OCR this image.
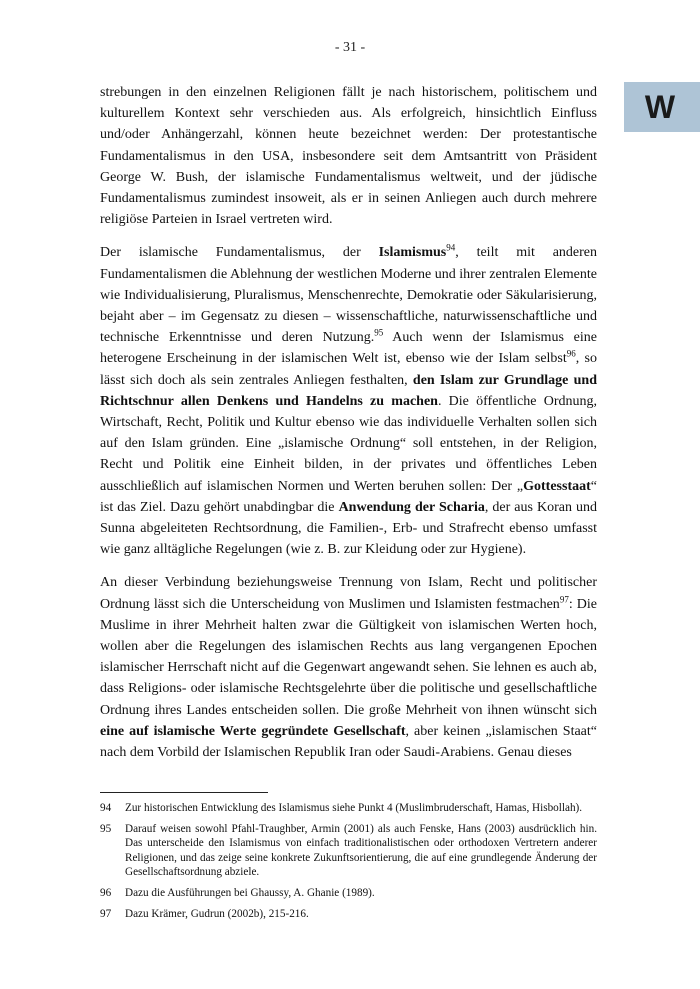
- 31 -
W

strebungen in den einzelnen Religionen fällt je nach historischem, politischem und kulturellem Kontext sehr verschieden aus. Als erfolgreich, hinsichtlich Einfluss und/oder Anhängerzahl, können heute bezeichnet werden: Der protestantische Fundamentalismus in den USA, insbesondere seit dem Amtsantritt von Präsident George W. Bush, der islamische Fundamentalismus weltweit, und der jüdische Fundamentalismus zumindest insoweit, als er in seinen Anliegen auch durch mehrere religiöse Parteien in Israel vertreten wird.

Der islamische Fundamentalismus, der Islamismus$^{94}$, teilt mit anderen Fundamentalismen die Ablehnung der westlichen Moderne und ihrer zentralen Elemente wie Individualisierung, Pluralismus, Menschenrechte, Demokratie oder Säkularisierung, bejaht aber – im Gegensatz zu diesen – wissenschaftliche, naturwissenschaftliche und technische Erkenntnisse und deren Nutzung.$^{95}$ Auch wenn der Islamismus eine heterogene Erscheinung in der islamischen Welt ist, ebenso wie der Islam selbst$^{96}$, so lässt sich doch als sein zentrales Anliegen festhalten, den Islam zur Grundlage und Richtschnur allen Denkens und Handelns zu machen. Die öffentliche Ordnung, Wirtschaft, Recht, Politik und Kultur ebenso wie das individuelle Verhalten sollen sich auf den Islam gründen. Eine „islamische Ordnung“ soll entstehen, in der Religion, Recht und Politik eine Einheit bilden, in der privates und öffentliches Leben ausschließlich auf islamischen Normen und Werten beruhen sollen: Der „Gottesstaat“ ist das Ziel. Dazu gehört unabdingbar die Anwendung der Scharia, der aus Koran und Sunna abgeleiteten Rechtsordnung, die Familien-, Erb- und Strafrecht ebenso umfasst wie ganz alltägliche Regelungen (wie z. B. zur Kleidung oder zur Hygiene).

An dieser Verbindung beziehungsweise Trennung von Islam, Recht und politischer Ordnung lässt sich die Unterscheidung von Muslimen und Islamisten festmachen$^{97}$: Die Muslime in ihrer Mehrheit halten zwar die Gültigkeit von islamischen Werten hoch, wollen aber die Regelungen des islamischen Rechts aus lang vergangenen Epochen islamischer Herrschaft nicht auf die Gegenwart angewandt sehen. Sie lehnen es auch ab, dass Religions- oder islamische Rechtsgelehrte über die politische und gesellschaftliche Ordnung ihres Landes entscheiden sollen. Die große Mehrheit von ihnen wünscht sich eine auf islamische Werte gegründete Gesellschaft, aber keinen „islamischen Staat“ nach dem Vorbild der Islamischen Republik Iran oder Saudi-Arabiens. Genau dieses

94	Zur historischen Entwicklung des Islamismus siehe Punkt 4 (Muslimbruderschaft, Hamas, Hisbollah).
95	Darauf weisen sowohl Pfahl-Traughber, Armin (2001) als auch Fenske, Hans (2003) ausdrücklich hin. Das unterscheide den Islamismus von einfach traditionalistischen oder orthodoxen Vertretern anderer Religionen, und das zeige seine konkrete Zukunftsorientierung, die auf eine grundlegende Änderung der Gesellschaftsordnung abziele.
96	Dazu die Ausführungen bei Ghaussy, A. Ghanie (1989).
97	Dazu Krämer, Gudrun (2002b), 215-216.
